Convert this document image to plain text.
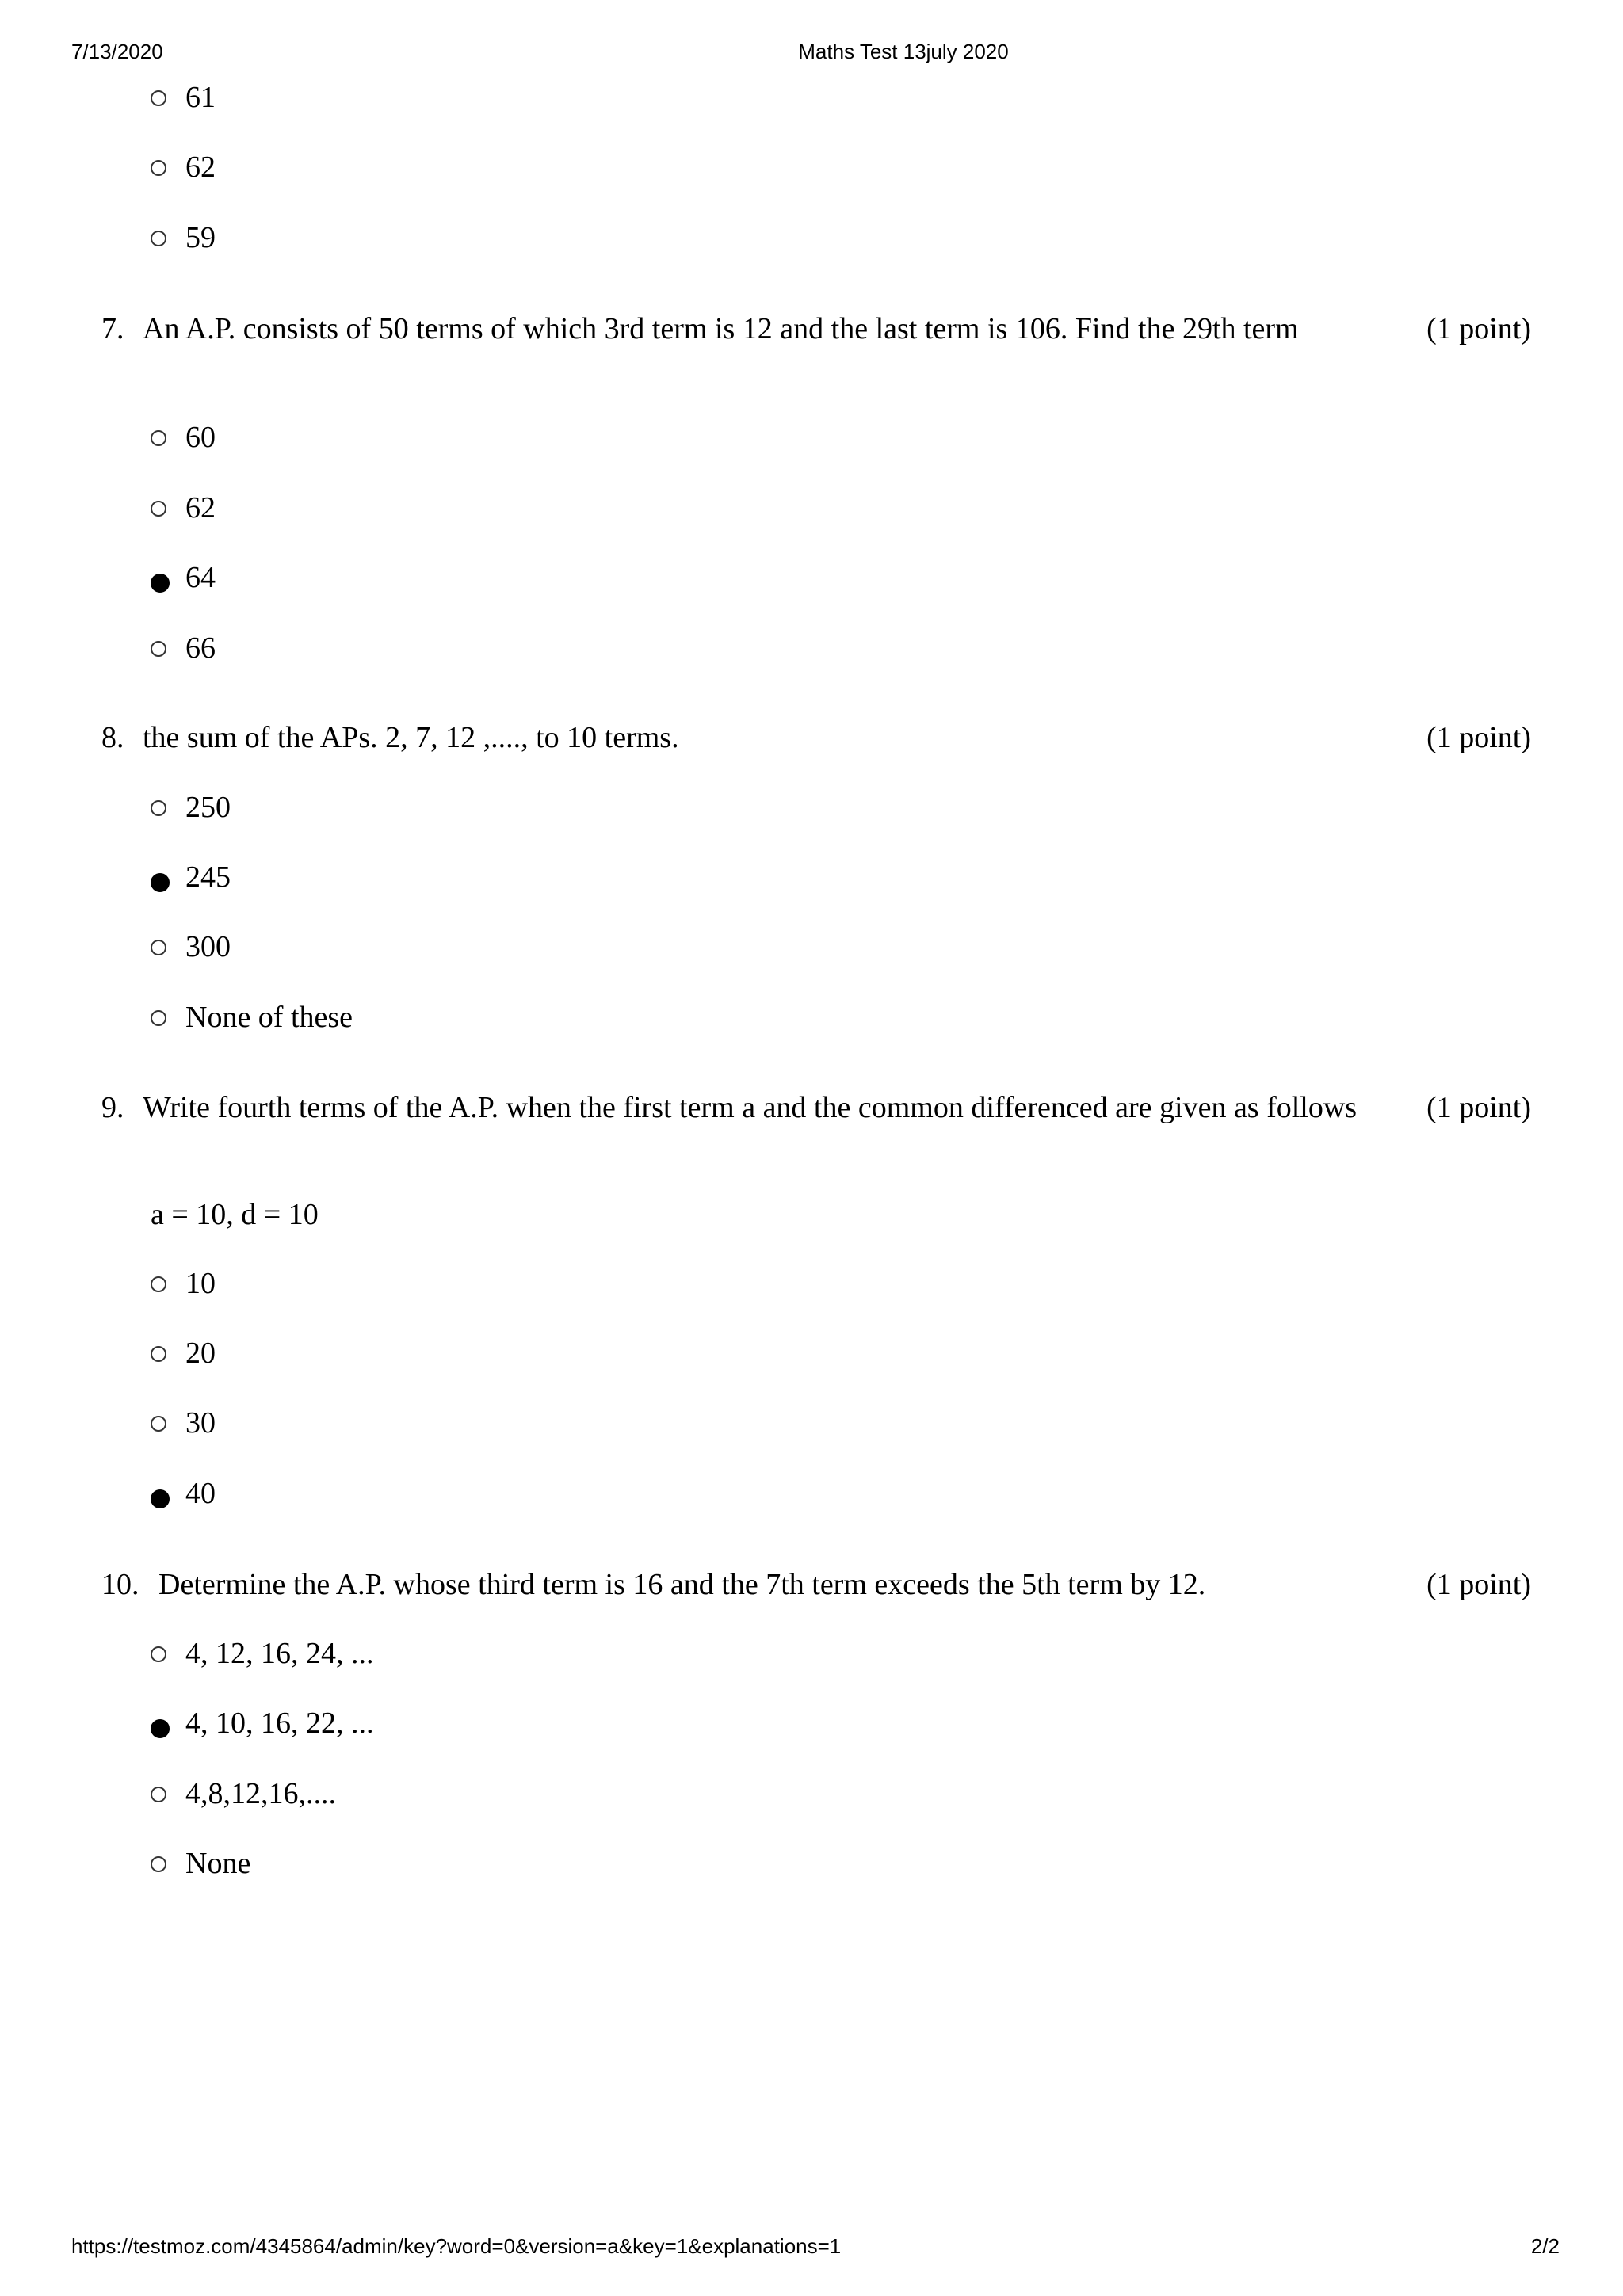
7/13/2020	Maths Test 13july 2020
61
62
59
7. An A.P. consists of 50 terms of which 3rd term is 12 and the last term is 106. Find the 29th term	(1 point)
60
62
64
66
8. the sum of the APs. 2, 7, 12 ,...., to 10 terms.	(1 point)
250
245
300
None of these
9. Write fourth terms of the A.P. when the first term a and the common differenced are given as follows	(1 point)
a = 10, d = 10
10
20
30
40
10. Determine the A.P. whose third term is 16 and the 7th term exceeds the 5th term by 12.	(1 point)
4, 12, 16, 24, ...
4, 10, 16, 22, ...
4,8,12,16,....
None
https://testmoz.com/4345864/admin/key?word=0&version=a&key=1&explanations=1	2/2
